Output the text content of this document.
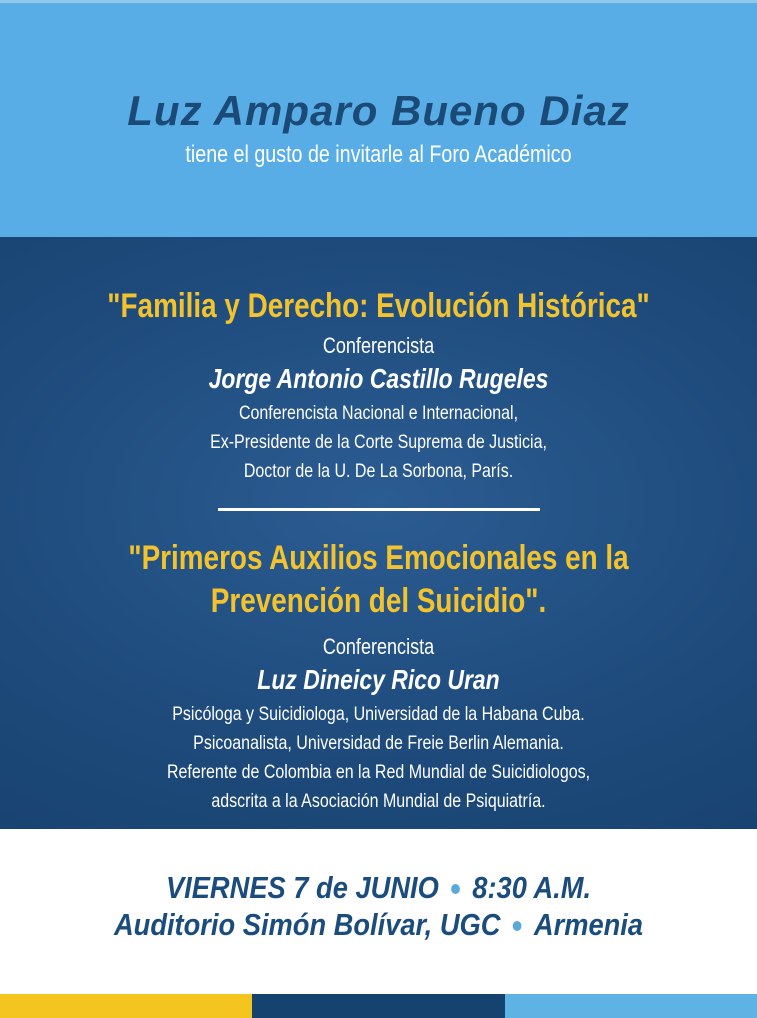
Luz Amparo Bueno Diaz
tiene el gusto de invitarle al Foro Académico
"Familia y Derecho: Evolución Histórica"
Conferencista
Jorge Antonio Castillo Rugeles
Conferencista Nacional e Internacional,
Ex-Presidente de la Corte Suprema de Justicia,
Doctor de la U. De La Sorbona, París.
"Primeros Auxilios Emocionales en la
Prevención del Suicidio".
Conferencista
Luz Dineicy Rico Uran
Psicóloga y Suicidiologa, Universidad de la Habana Cuba.
Psicoanalista, Universidad de Freie Berlin Alemania.
Referente de Colombia en la Red Mundial de Suicidiologos,
adscrita a la Asociación Mundial de Psiquiatría.
VIERNES 7 de JUNIO 8:30 A.M.
Auditorio Simón Bolívar, UGC Armenia
